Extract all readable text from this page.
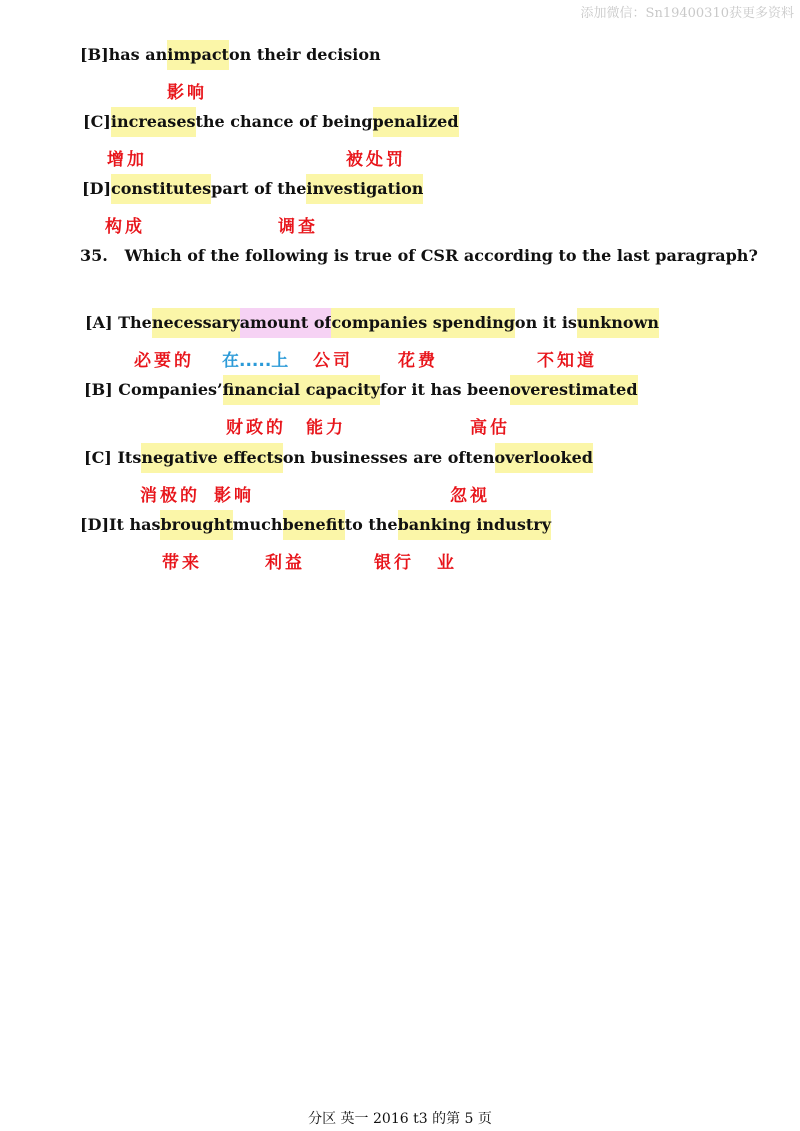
添加微信：Sn19400310获更多资料
[B]has animpacton their decision
影响
[C]increasesthe chance of beingpenalized
增加	被处罚
[D]constitutespart of theinvestigation
构成	调查
35. Which of the following is true of CSR according to the last paragraph?
[A] Thenecessaryamount ofcompanies spendingon it isunknown
必要的 在.....上 公司	花费	不知道
[B] Companies’financial capacityfor it has beenoverestimated
财政的 能力	高估
[C] Itsnegative effectson businesses are oftenoverlooked
消极的 影响	忽视
[D]It hasbroughtmuchbenefitto thebanking industry
带来	利益	银行 业
分区 英一 2016 t3 的第 5 页
